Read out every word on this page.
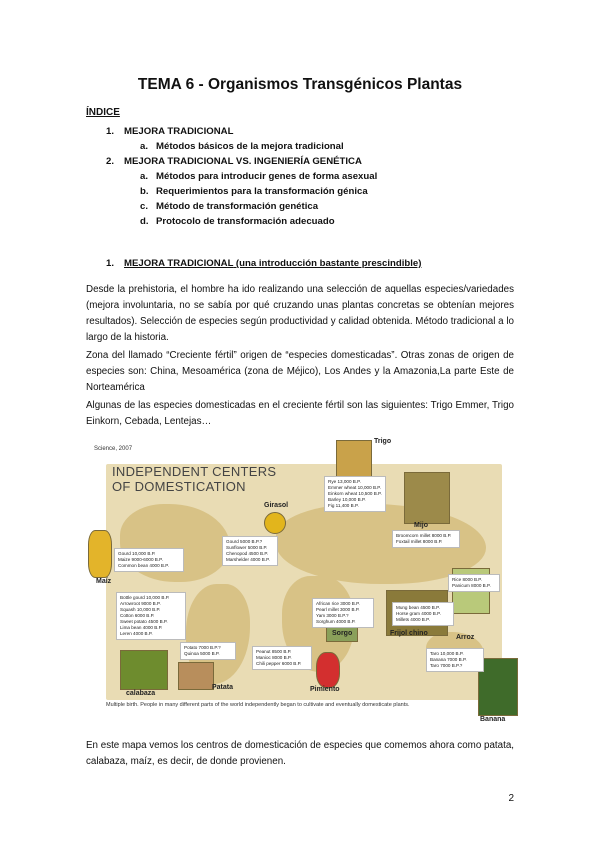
TEMA 6 - Organismos Transgénicos Plantas
ÍNDICE
1. MEJORA TRADICIONAL
a. Métodos básicos de la mejora tradicional
2. MEJORA TRADICIONAL VS. INGENIERÍA GENÉTICA
a. Métodos para introducir genes de forma asexual
b. Requerimientos para la transformación génica
c. Método de transformación genética
d. Protocolo de transformación adecuado
1. MEJORA TRADICIONAL (una introducción bastante prescindible)
Desde la prehistoria, el hombre ha ido realizando una selección de aquellas especies/variedades (mejora involuntaria, no se sabía por qué cruzando unas plantas concretas se obtenían mejores resultados). Selección de especies según productividad y calidad obtenida. Método tradicional a lo largo de la historia.
Zona del llamado “Creciente fértil” origen de “especies domesticadas”. Otras zonas de origen de especies son: China, Mesoamérica (zona de Méjico), Los Andes y la Amazonia,La parte Este de Norteamérica
Algunas de las especies domesticadas en el creciente fértil son las siguientes: Trigo Emmer, Trigo Einkorn, Cebada, Lentejas…
Science, 2007
INDEPENDENT CENTERS OF DOMESTICATION
Trigo
Mijo
Girasol
Maíz
Sorgo	Frijol chino
Arroz
calabaza
Patata	Pimiento
Banana
Rye 13,000 B.P.
Emmer wheat 10,000 B.P.
Einkorn wheat 10,500 B.P.
Barley 10,000 B.P.
Fig 11,400 B.P.
Gourd 5000 B.P.?
Sunflower 5000 B.P.
Chenopod 4500 B.P.
Marshelder 4000 B.P.
Gourd 10,000 B.P.
Maize 9000-6000 B.P.
Common bean 4000 B.P.
Broomcorn millet 8000 B.P.
Foxtail millet 8000 B.P.
Rice 8000 B.P.
Panicum 8000 B.P.
Bottle gourd 10,000 B.P.
Arrowroot 9000 B.P.
Squash 10,000 B.P.
Cotton 6000 B.P.
Sweet potato 4500 B.P.
Lima bean 4000 B.P.
Leren 4000 B.P.
African rice 3000 B.P.
Pearl millet 3000 B.P.
Yam 3000 B.P.?
Sorghum 4000 B.P.
Mung bean 4500 B.P.
Horse gram 4000 B.P.
Millets 4000 B.P.
Potato 7000 B.P.?
Quinoa 5000 B.P.	Peanut 8500 B.P.
Manioc 8000 B.P.
Chili pepper 6000 B.P.
Taro 10,000 B.P.
Banana 7000 B.P.
Taro 7000 B.P.?
Multiple birth. People in many different parts of the world independently began to cultivate and eventually domesticate plants.
En este mapa vemos los centros de domesticación de especies que comemos ahora como patata, calabaza, maíz, es decir, de donde provienen.
2
